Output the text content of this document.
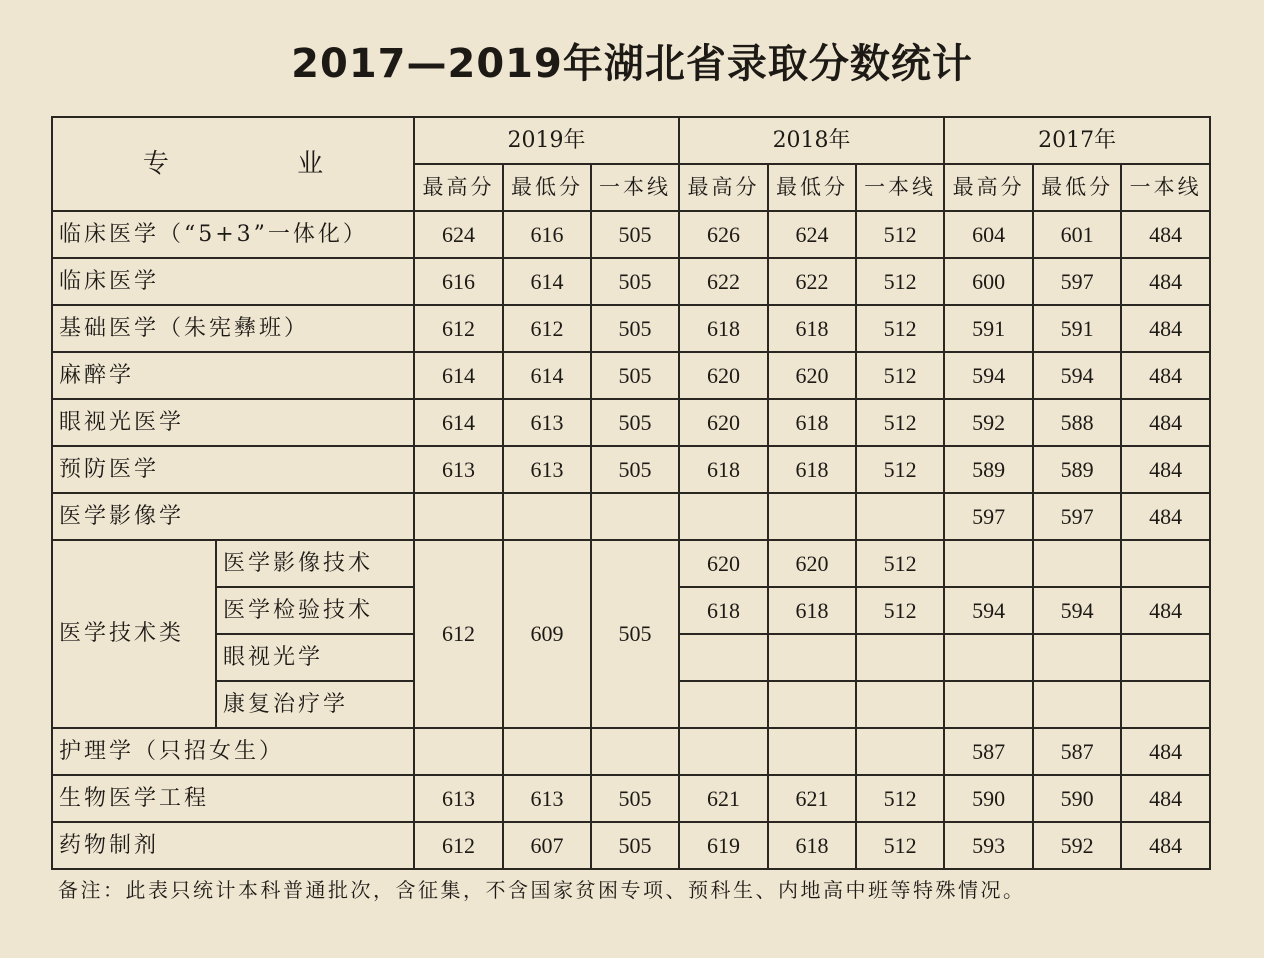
2017—2019年湖北省录取分数统计
专 业		2019年			2018年			2017年		
		最高分	最低分	一本线	最高分	最低分	一本线	最高分	最低分	一本线
临床医学（“5+3”一体化）		624	616	505	626	624	512	604	601	484
临床医学		616	614	505	622	622	512	600	597	484
基础医学（朱宪彝班）		612	612	505	618	618	512	591	591	484
麻醉学		614	614	505	620	620	512	594	594	484
眼视光医学		614	613	505	620	618	512	592	588	484
预防医学		613	613	505	618	618	512	589	589	484
医学影像学								597	597	484
医学技术类	医学影像技术	612	609	505	620	620	512			
	医学检验技术				618	618	512	594	594	484
	眼视光学									
	康复治疗学									
护理学（只招女生）								587	587	484
生物医学工程		613	613	505	621	621	512	590	590	484
药物制剂		612	607	505	619	618	512	593	592	484
备注：此表只统计本科普通批次，含征集，不含国家贫困专项、预科生、内地高中班等特殊情况。
